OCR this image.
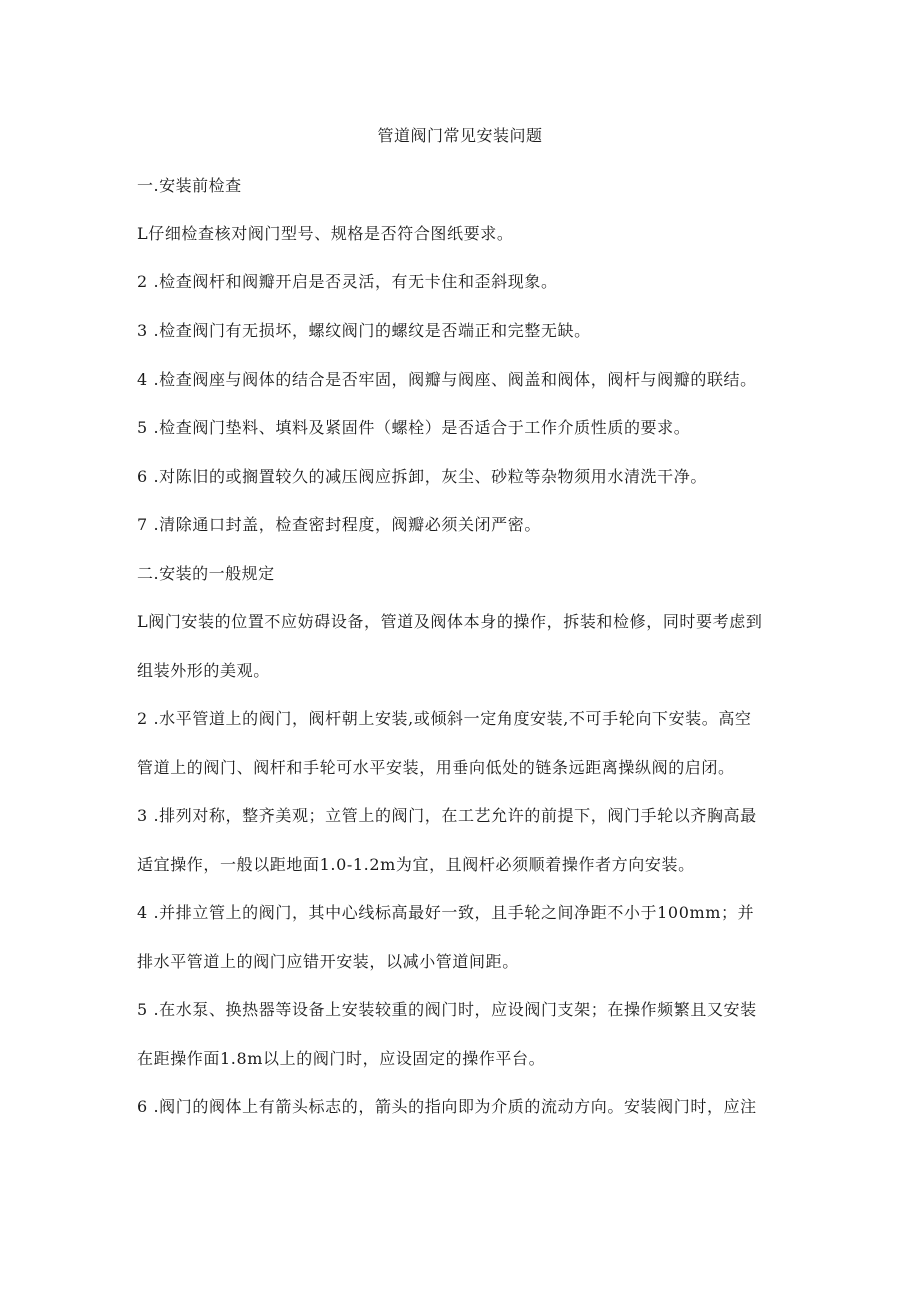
管道阀门常见安装问题
一.安装前检查
L仔细检查核对阀门型号、规格是否符合图纸要求。
2 .检查阀杆和阀瓣开启是否灵活，有无卡住和歪斜现象。
3 .检查阀门有无损坏，螺纹阀门的螺纹是否端正和完整无缺。
4 .检查阀座与阀体的结合是否牢固，阀瓣与阀座、阀盖和阀体，阀杆与阀瓣的联结。
5 .检查阀门垫料、填料及紧固件（螺栓）是否适合于工作介质性质的要求。
6 .对陈旧的或搁置较久的减压阀应拆卸，灰尘、砂粒等杂物须用水清洗干净。
7 .清除通口封盖，检查密封程度，阀瓣必须关闭严密。
二.安装的一般规定
L阀门安装的位置不应妨碍设备，管道及阀体本身的操作，拆装和检修，同时要考虑到
组装外形的美观。
2 .水平管道上的阀门，阀杆朝上安装,或倾斜一定角度安装,不可手轮向下安装。高空
管道上的阀门、阀杆和手轮可水平安装，用垂向低处的链条远距离操纵阀的启闭。
3 .排列对称，整齐美观；立管上的阀门，在工艺允许的前提下，阀门手轮以齐胸高最
适宜操作，一般以距地面1.0-1.2m为宜，且阀杆必须顺着操作者方向安装。
4 .并排立管上的阀门，其中心线标高最好一致，且手轮之间净距不小于100mm；并
排水平管道上的阀门应错开安装，以减小管道间距。
5 .在水泵、换热器等设备上安装较重的阀门时，应设阀门支架；在操作频繁且又安装
在距操作面1.8m以上的阀门时，应设固定的操作平台。
6 .阀门的阀体上有箭头标志的，箭头的指向即为介质的流动方向。安装阀门时，应注
